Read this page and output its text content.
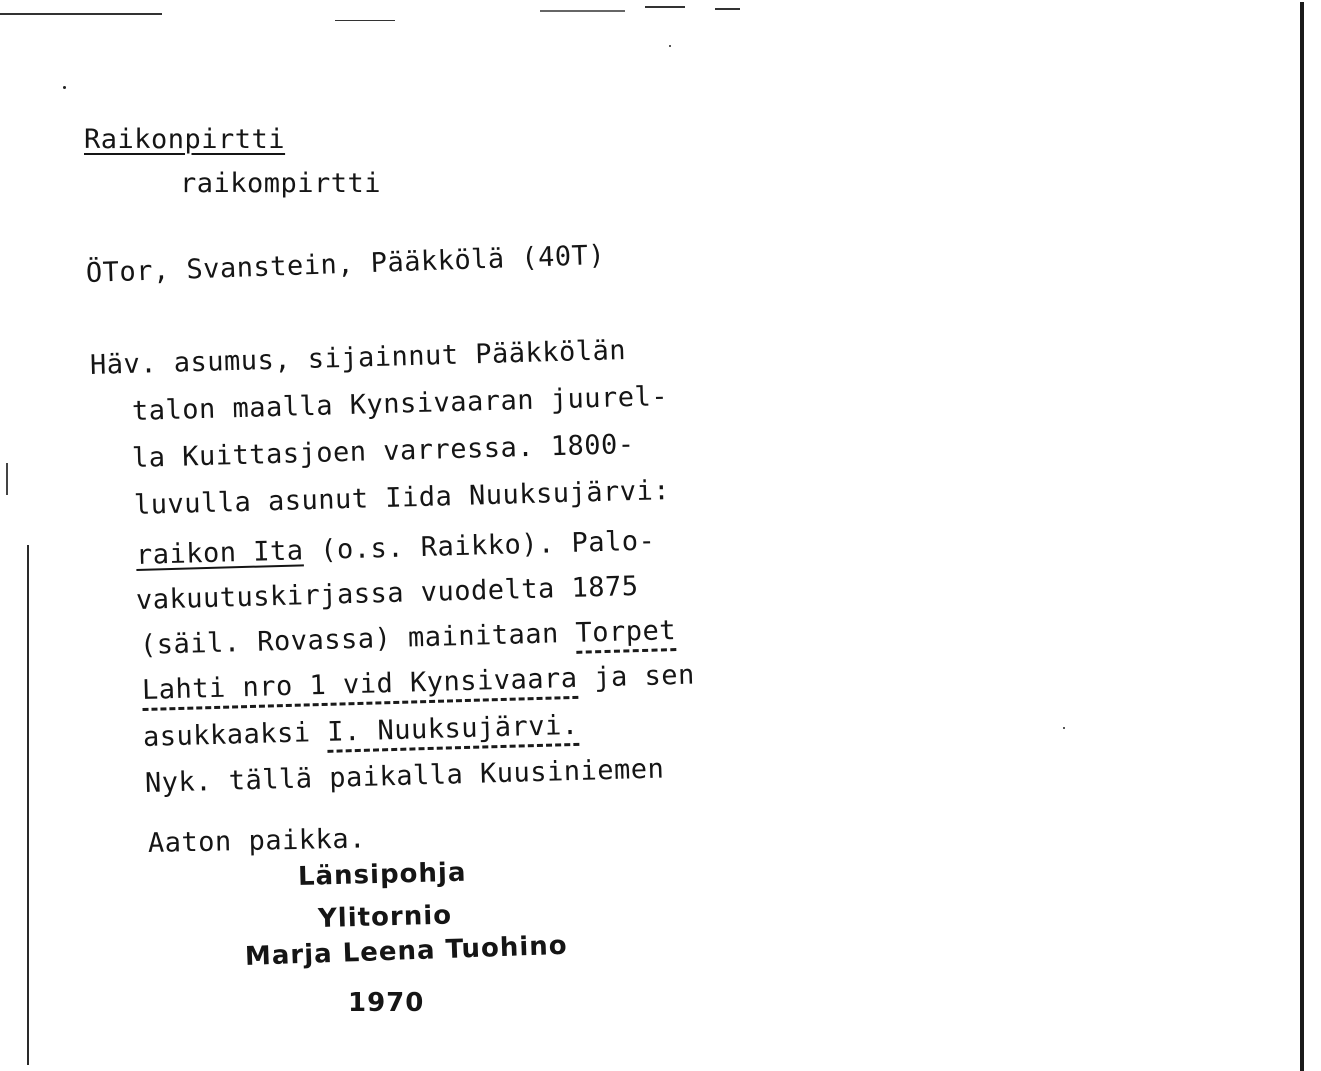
Raikonpirtti
raikompirtti
ÖTor, Svanstein, Pääkkölä (40T)
Häv. asumus, sijainnut Pääkkölän
talon maalla Kynsivaaran juurel-
la Kuittasjoen varressa. 1800-
luvulla asunut Iida Nuuksujärvi:
raikon Ita (o.s. Raikko). Palo-
vakuutuskirjassa vuodelta 1875
(säil. Rovassa) mainitaan Torpet
Lahti nro 1 vid Kynsivaara ja sen
asukkaaksi I. Nuuksujärvi.
Nyk. tällä paikalla Kuusiniemen
Aaton paikka.
Länsipohja
Ylitornio
Marja Leena Tuohino
1970
